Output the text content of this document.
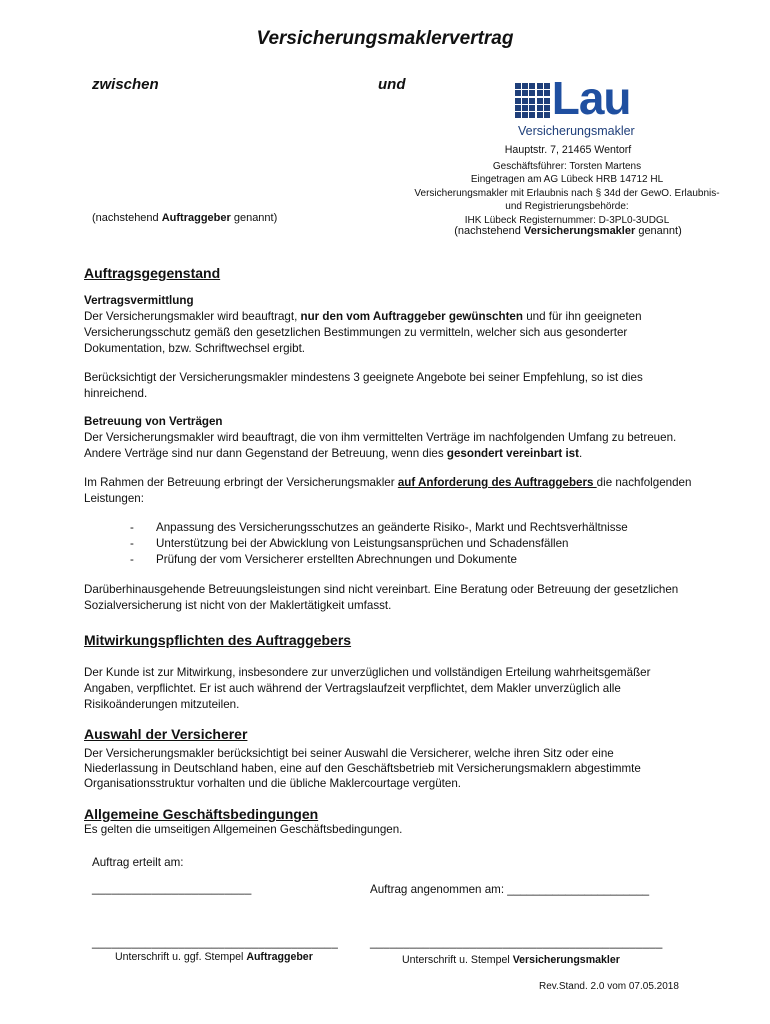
Versicherungsmaklervertrag
zwischen	und	Lau
Versicherungsmakler
Hauptstr. 7, 21465 Wentorf
Geschäftsführer: Torsten Martens
Eingetragen am AG Lübeck HRB 14712 HL
Versicherungsmakler mit Erlaubnis nach § 34d der GewO. Erlaubnis-
und Registrierungsbehörde:
IHK Lübeck Registernummer: D-3PL0-3UDGL
(nachstehend Versicherungsmakler genannt)
(nachstehend Auftraggeber genannt)
Auftragsgegenstand
Vertragsvermittlung
Der Versicherungsmakler wird beauftragt, nur den vom Auftraggeber gewünschten und für ihn geeigneten Versicherungsschutz gemäß den gesetzlichen Bestimmungen zu vermitteln, welcher sich aus gesonderter Dokumentation, bzw. Schriftwechsel ergibt.
Berücksichtigt der Versicherungsmakler mindestens 3 geeignete Angebote bei seiner Empfehlung, so ist dies hinreichend.
Betreuung von Verträgen
Der Versicherungsmakler wird beauftragt, die von ihm vermittelten Verträge im nachfolgenden Umfang zu betreuen. Andere Verträge sind nur dann Gegenstand der Betreuung, wenn dies gesondert vereinbart ist.
Im Rahmen der Betreuung erbringt der Versicherungsmakler auf Anforderung des Auftraggebers die nachfolgenden Leistungen:
- Anpassung des Versicherungsschutzes an geänderte Risiko-, Markt und Rechtsverhältnisse
- Unterstützung bei der Abwicklung von Leistungsansprüchen und Schadensfällen
- Prüfung der vom Versicherer erstellten Abrechnungen und Dokumente
Darüberhinausgehende Betreuungsleistungen sind nicht vereinbart. Eine Beratung oder Betreuung der gesetzlichen Sozialversicherung ist nicht von der Maklertätigkeit umfasst.
Mitwirkungspflichten des Auftraggebers
Der Kunde ist zur Mitwirkung, insbesondere zur unverzüglichen und vollständigen Erteilung wahrheitsgemäßer Angaben, verpflichtet. Er ist auch während der Vertragslaufzeit verpflichtet, dem Makler unverzüglich alle Risikoänderungen mitzuteilen.
Auswahl der Versicherer
Der Versicherungsmakler berücksichtigt bei seiner Auswahl die Versicherer, welche ihren Sitz oder eine Niederlassung in Deutschland haben, eine auf den Geschäftsbetrieb mit Versicherungsmaklern abgestimmte Organisationsstruktur vorhalten und die übliche Maklercourtage vergüten.
Allgemeine Geschäftsbedingungen
Es gelten die umseitigen Allgemeinen Geschäftsbedingungen.
Auftrag erteilt am:
________________________	Auftrag angenommen am: ______________________
_____________________________________	____________________________________________
Unterschrift u. ggf. Stempel Auftraggeber	Unterschrift u. Stempel Versicherungsmakler
Rev.Stand. 2.0 vom 07.05.2018
